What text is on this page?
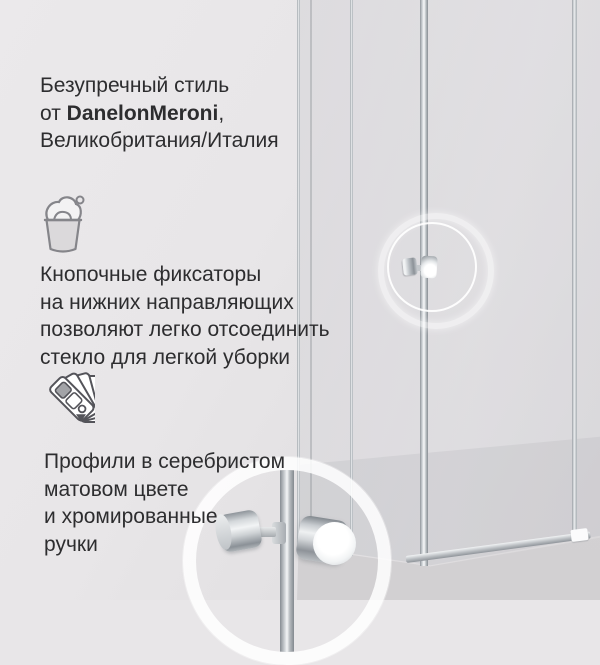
Безупречный стиль
от DanelonMeroni,
Великобритания/Италия
Кнопочные фиксаторы
на нижних направляющих
позволяют легко отсоединить
стекло для легкой уборки
Профили в серебристом
матовом цвете
и хромированные
ручки
